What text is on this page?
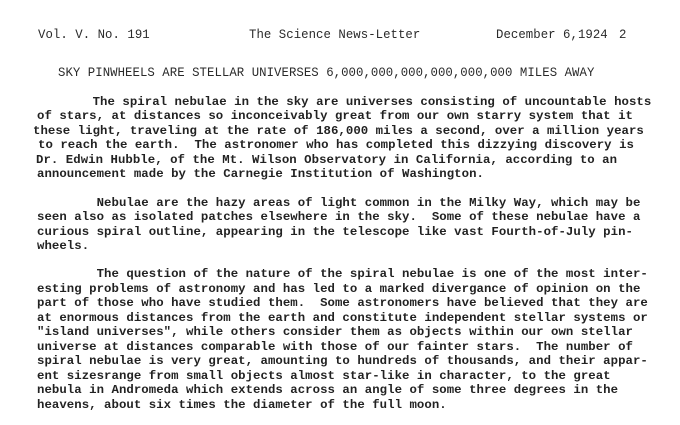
Vol. V. No. 191	The Science News-Letter	December 6,1924 2
SKY PINWHEELS ARE STELLAR UNIVERSES 6,000,000,000,000,000,000 MILES AWAY
The spiral nebulae in the sky are universes consisting of uncountable hosts
of stars, at distances so inconceivably great from our own starry system that it
these light, traveling at the rate of 186,000 miles a second, over a million years
to reach the earth.  The astronomer who has completed this dizzying discovery is
Dr. Edwin Hubble, of the Mt. Wilson Observatory in California, according to an
announcement made by the Carnegie Institution of Washington.
Nebulae are the hazy areas of light common in the Milky Way, which may be
seen also as isolated patches elsewhere in the sky.  Some of these nebulae have a
curious spiral outline, appearing in the telescope like vast Fourth-of-July pin-
wheels.
The question of the nature of the spiral nebulae is one of the most inter-
esting problems of astronomy and has led to a marked divergance of opinion on the
part of those who have studied them.  Some astronomers have believed that they are
at enormous distances from the earth and constitute independent stellar systems or
"island universes", while others consider them as objects within our own stellar
universe at distances comparable with those of our fainter stars.  The number of
spiral nebulae is very great, amounting to hundreds of thousands, and their appar-
ent sizesrange from small objects almost star-like in character, to the great
nebula in Andromeda which extends across an angle of some three degrees in the
heavens, about six times the diameter of the full moon.
